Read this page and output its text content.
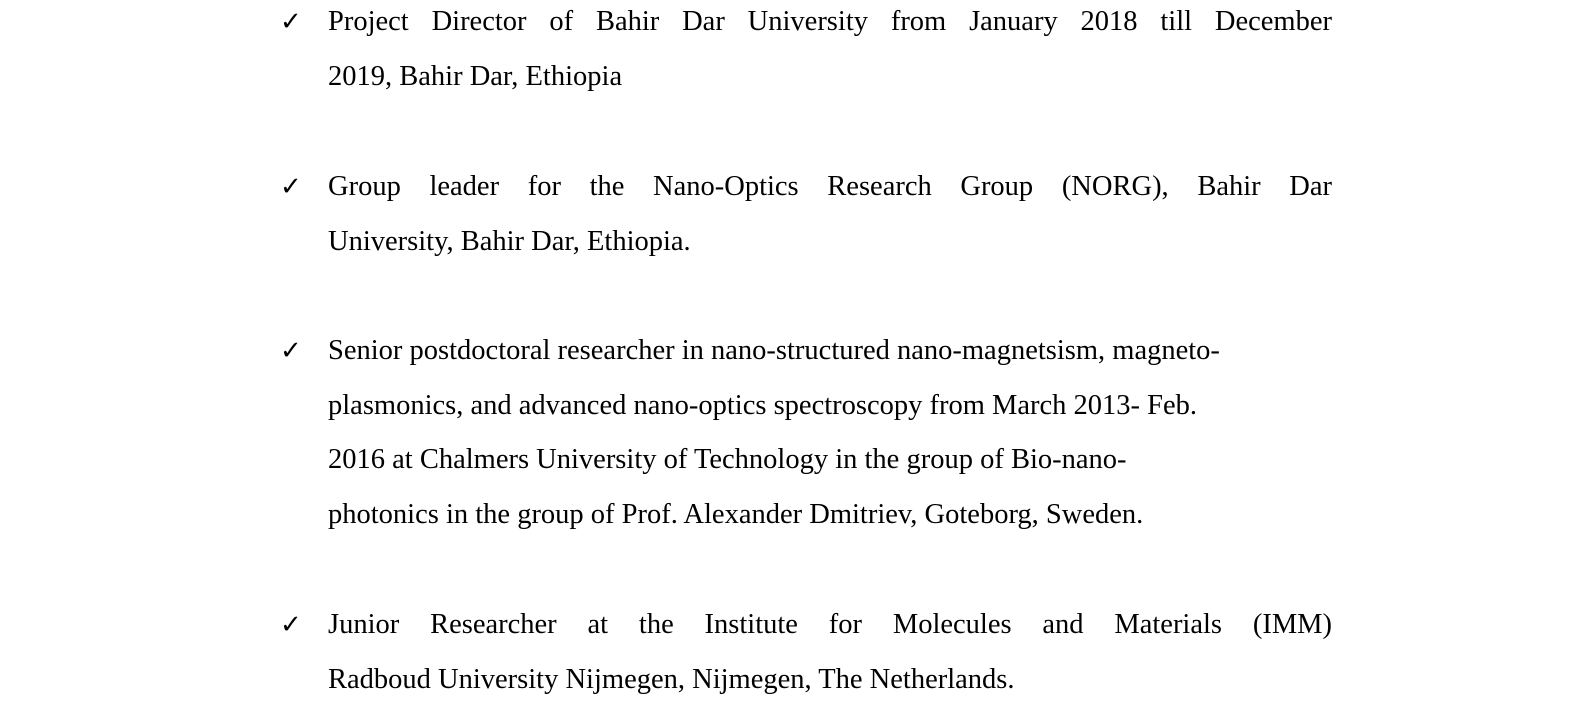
✓ Project Director of Bahir Dar University from January 2018 till December
2019, Bahir Dar, Ethiopia
✓ Group leader for the Nano-Optics Research Group (NORG), Bahir Dar
University, Bahir Dar, Ethiopia.
✓ Senior postdoctoral researcher in nano-structured nano-magnetsism, magneto-
plasmonics, and advanced nano-optics spectroscopy from March 2013- Feb.
2016 at Chalmers University of Technology in the group of Bio-nano-
photonics in the group of Prof. Alexander Dmitriev, Goteborg, Sweden.
✓ Junior Researcher at the Institute for Molecules and Materials (IMM)
Radboud University Nijmegen, Nijmegen, The Netherlands.
